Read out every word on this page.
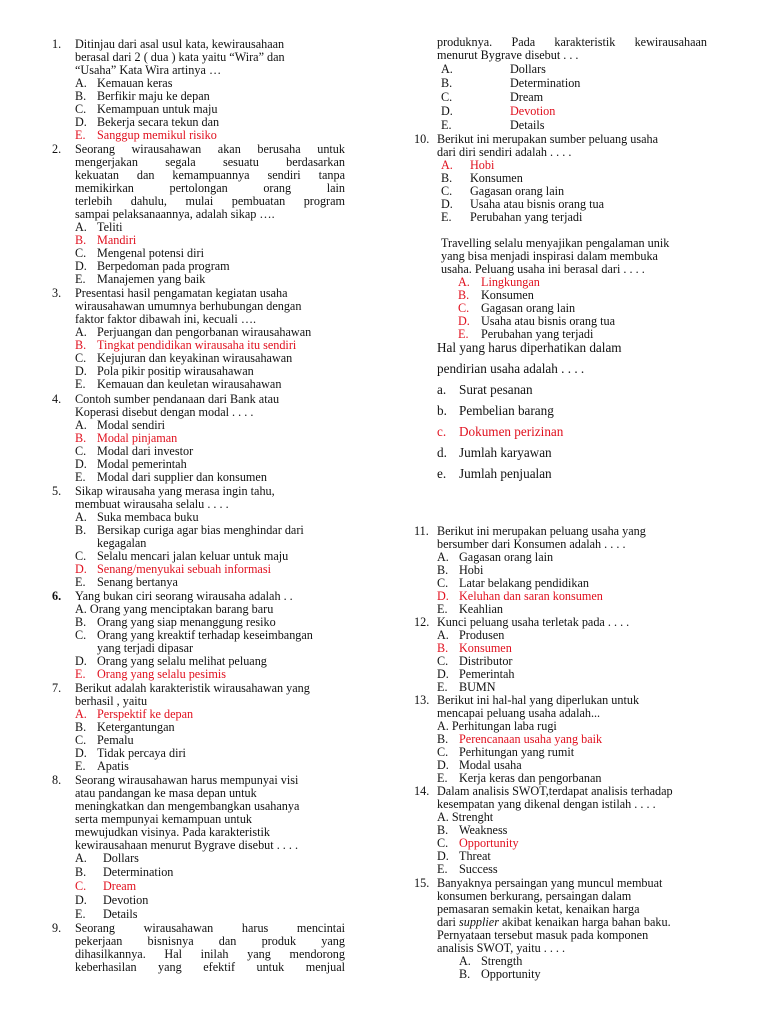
1. Ditinjau dari asal usul kata, kewirausahaan
berasal dari 2 ( dua ) kata yaitu “Wira” dan
“Usaha” Kata Wira artinya …
A. Kemauan keras
B. Berfikir maju ke depan
C. Kemampuan untuk maju
D. Bekerja secara tekun dan
E. Sanggup memikul risiko
2. Seorang wirausahawan akan berusaha untuk
mengerjakan segala sesuatu berdasarkan
kekuatan dan kemampuannya sendiri tanpa
memikirkan pertolongan orang lain
terlebih dahulu, mulai pembuatan program
sampai pelaksanaannya, adalah sikap ….
A. Teliti
B. Mandiri
C. Mengenal potensi diri
D. Berpedoman pada program
E. Manajemen yang baik
3. Presentasi hasil pengamatan kegiatan usaha
wirausahawan umumnya berhubungan dengan
faktor faktor dibawah ini, kecuali ….
A. Perjuangan dan pengorbanan wirausahawan
B. Tingkat pendidikan wirausaha itu sendiri
C. Kejujuran dan keyakinan wirausahawan
D. Pola pikir positip wirausahawan
E. Kemauan dan keuletan wirausahawan
4. Contoh sumber pendanaan dari Bank atau
Koperasi disebut dengan modal . . . .
A. Modal sendiri
B. Modal pinjaman
C. Modal dari investor
D. Modal pemerintah
E. Modal dari supplier dan konsumen
5. Sikap wirausaha yang merasa ingin tahu,
membuat wirausaha selalu . . . .
A. Suka membaca buku
B. Bersikap curiga agar bias menghindar dari
kegagalan
C. Selalu mencari jalan keluar untuk maju
D. Senang/menyukai sebuah informasi
E. Senang bertanya
6. Yang bukan ciri seorang wirausaha adalah . .
A. Orang yang menciptakan barang baru
B. Orang yang siap menanggung resiko
C. Orang yang kreaktif terhadap keseimbangan
yang terjadi dipasar
D. Orang yang selalu melihat peluang
E. Orang yang selalu pesimis
7. Berikut adalah karakteristik wirausahawan yang
berhasil , yaitu
A. Perspektif ke depan
B. Ketergantungan
C. Pemalu
D. Tidak percaya diri
E. Apatis
8. Seorang wirausahawan harus mempunyai visi
atau pandangan ke masa depan untuk
meningkatkan dan mengembangkan usahanya
serta mempunyai kemampuan untuk
mewujudkan visinya. Pada karakteristik
kewirausahaan menurut Bygrave disebut . . . .
A. Dollars
B. Determination
C. Dream
D. Devotion
E. Details
9. Seorang wirausahawan harus mencintai
pekerjaan bisnisnya dan produk yang
dihasilkannya. Hal inilah yang mendorong
keberhasilan yang efektif untuk menjual
produknya. Pada karakteristik kewirausahaan
menurut Bygrave disebut . . .
A.	Dollars
B.	Determination
C.	Dream
D.	Devotion
E.	Details
10. Berikut ini merupakan sumber peluang usaha
dari diri sendiri adalah . . . .
A. Hobi
B. Konsumen
C. Gagasan orang lain
D. Usaha atau bisnis orang tua
E. Perubahan yang terjadi
Travelling selalu menyajikan pengalaman unik
yang bisa menjadi inspirasi dalam membuka
usaha. Peluang usaha ini berasal dari . . . .
A. Lingkungan
B. Konsumen
C. Gagasan orang lain
D. Usaha atau bisnis orang tua
E. Perubahan yang terjadi
Hal yang harus diperhatikan dalam
pendirian usaha adalah . . . .
a. Surat pesanan
b. Pembelian barang
c. Dokumen perizinan
d. Jumlah karyawan
e. Jumlah penjualan
11. Berikut ini merupakan peluang usaha yang
bersumber dari Konsumen adalah . . . .
A. Gagasan orang lain
B. Hobi
C. Latar belakang pendidikan
D. Keluhan dan saran konsumen
E. Keahlian
12. Kunci peluang usaha terletak pada . . . .
A. Produsen
B. Konsumen
C. Distributor
D. Pemerintah
E. BUMN
13. Berikut ini hal-hal yang diperlukan untuk
mencapai peluang usaha adalah...
A. Perhitungan laba rugi
B. Perencanaan usaha yang baik
C. Perhitungan yang rumit
D. Modal usaha
E. Kerja keras dan pengorbanan
14. Dalam analisis SWOT,terdapat analisis terhadap
kesempatan yang dikenal dengan istilah . . . .
A. Strenght
B. Weakness
C. Opportunity
D. Threat
E. Success
15. Banyaknya persaingan yang muncul membuat
konsumen berkurang, persaingan dalam
pemasaran semakin ketat, kenaikan harga
dari supplier akibat kenaikan harga bahan baku.
Pernyataan tersebut masuk pada komponen
analisis SWOT, yaitu . . . .
A. Strength
B. Opportunity
